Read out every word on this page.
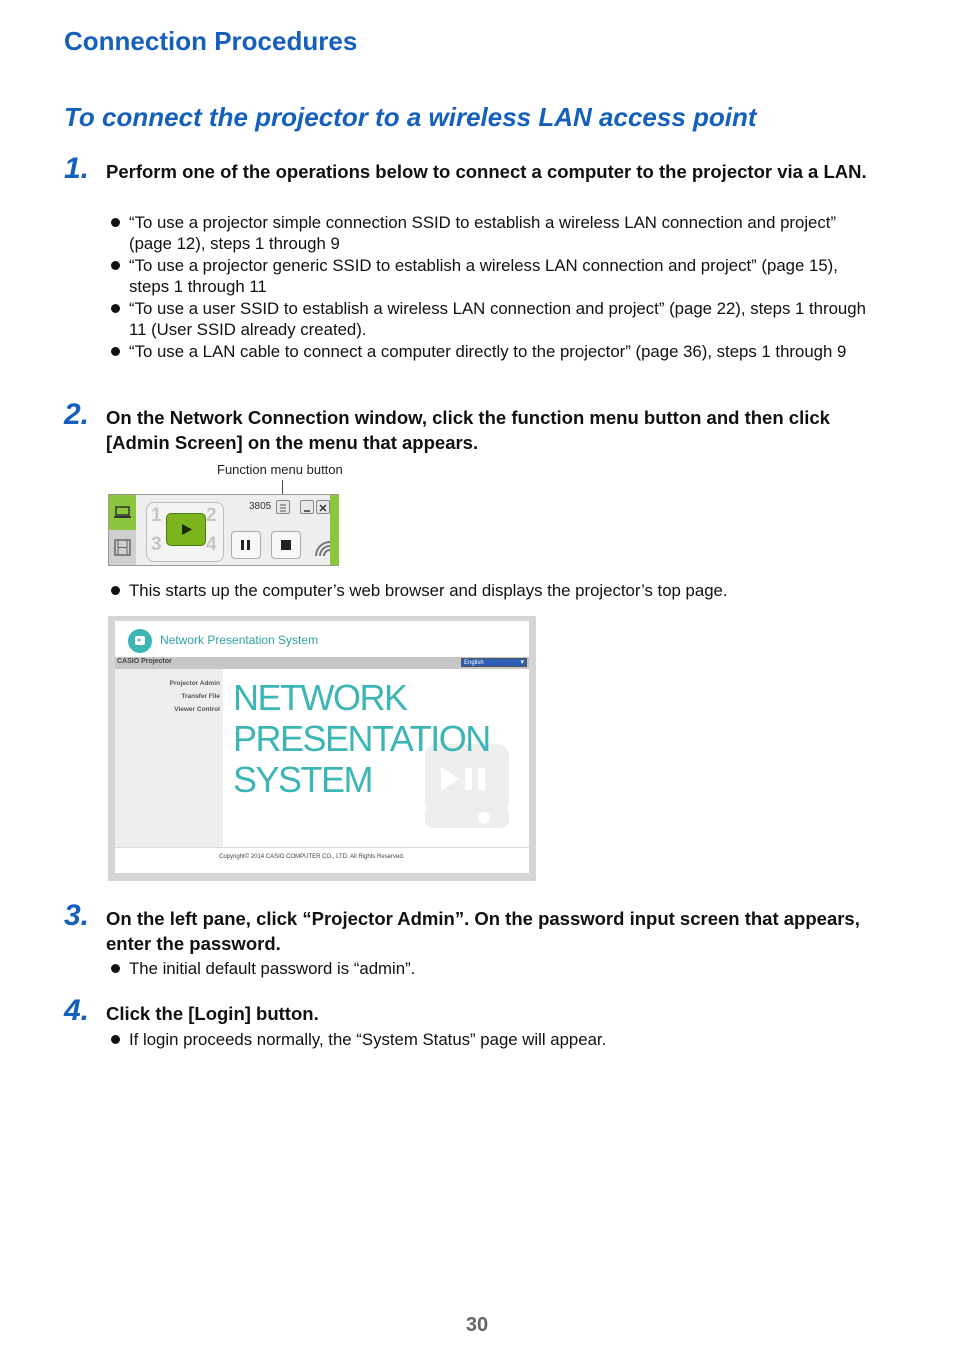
Connection Procedures
To connect the projector to a wireless LAN access point
1. Perform one of the operations below to connect a computer to the projector via a LAN.
“To use a projector simple connection SSID to establish a wireless LAN connection and project” (page 12), steps 1 through 9
“To use a projector generic SSID to establish a wireless LAN connection and project” (page 15), steps 1 through 11
“To use a user SSID to establish a wireless LAN connection and project” (page 22), steps 1 through 11 (User SSID already created).
“To use a LAN cable to connect a computer directly to the projector” (page 36), steps 1 through 9
2. On the Network Connection window, click the function menu button and then click [Admin Screen] on the menu that appears.
Function menu button
1 2
3 4
3805
This starts up the computer’s web browser and displays the projector’s top page.
Network Presentation System
CASIO Projector	English	▾
Projector Admin
Transfer File
Viewer Control NETWORK
PRESENTATION
SYSTEM
Copyright© 2014 CASIO COMPUTER CO., LTD. All Rights Reserved.
3. On the left pane, click “Projector Admin”. On the password input screen that appears, enter the password.
The initial default password is “admin”.
4. Click the [Login] button.
If login proceeds normally, the “System Status” page will appear.
30
